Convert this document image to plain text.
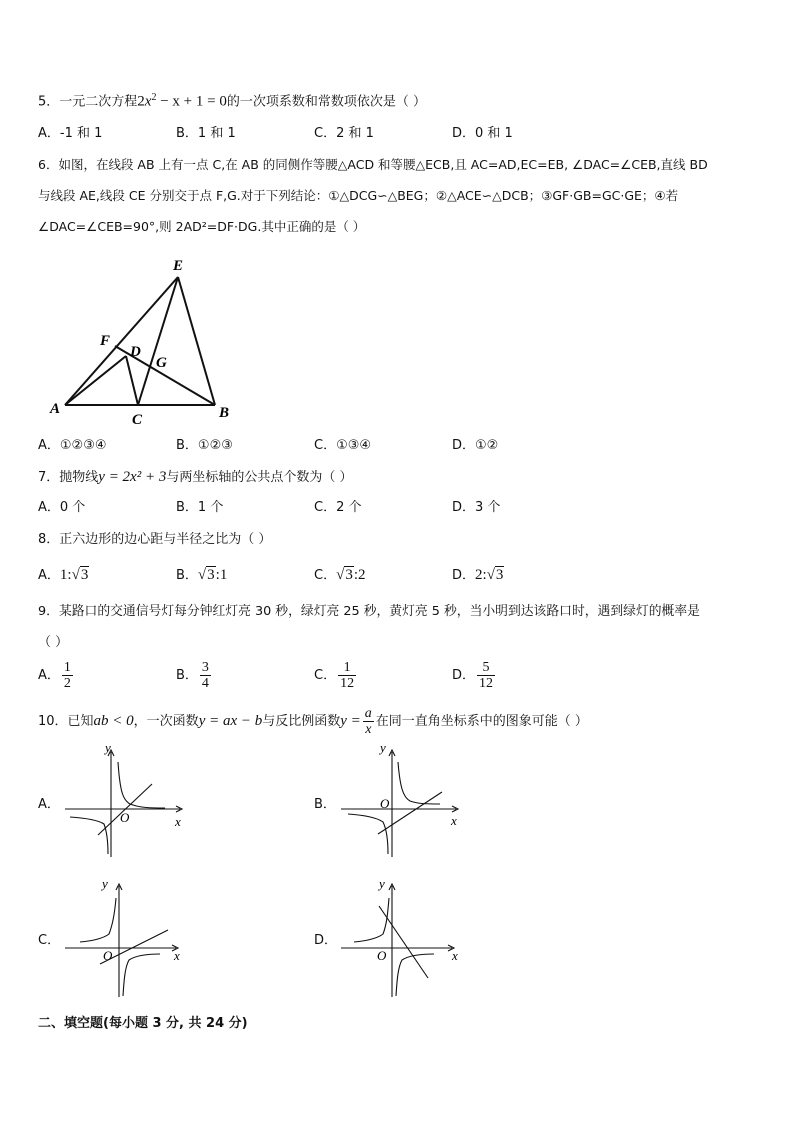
5．一元二次方程$2x^2 - x + 1 = 0$的一次项系数和常数项依次是（ ）
A．-1 和 1	B．1 和 1	C．2 和 1	D．0 和 1
6．如图，在线段 AB 上有一点 C,在 AB 的同侧作等腰△ACD 和等腰△ECB,且 AC=AD,EC=EB, ∠DAC=∠CEB,直线 BD
与线段 AE,线段 CE 分别交于点 F,G.对于下列结论：①△DCG∽△BEG；②△ACE∽△DCB；③GF·GB=GC·GE；④若
∠DAC=∠CEB=90°,则 2AD²=DF·DG.其中正确的是（ ）
E
F
D
G
A
C	B
A．①②③④	B．①②③	C．①③④	D．①②
7．抛物线y = 2x² + 3与两坐标轴的公共点个数为（ ）
A．0 个	B．1 个	C．2 个	D．3 个
8．正六边形的边心距与半径之比为（ ）
A．1:√3	B．√3:1	C．√3:2	D．2:√3
9．某路口的交通信号灯每分钟红灯亮 30 秒，绿灯亮 25 秒，黄灯亮 5 秒，当小明到达该路口时，遇到绿灯的概率是
（ ）
A． $\frac{1}{2}$	B． $\frac{3}{4}$	C． $\frac{1}{12}$	D． $\frac{5}{12}$
10．已知ab < 0，一次函数y = ax − b与反比例函数$y = \frac{a}{x}$ 在同一直角坐标系中的图象可能（ ）
A．
y
x
O
B．
y
x
O
C．
y
x
O
D．
y
x
O
二、填空题(每小题 3 分, 共 24 分)
